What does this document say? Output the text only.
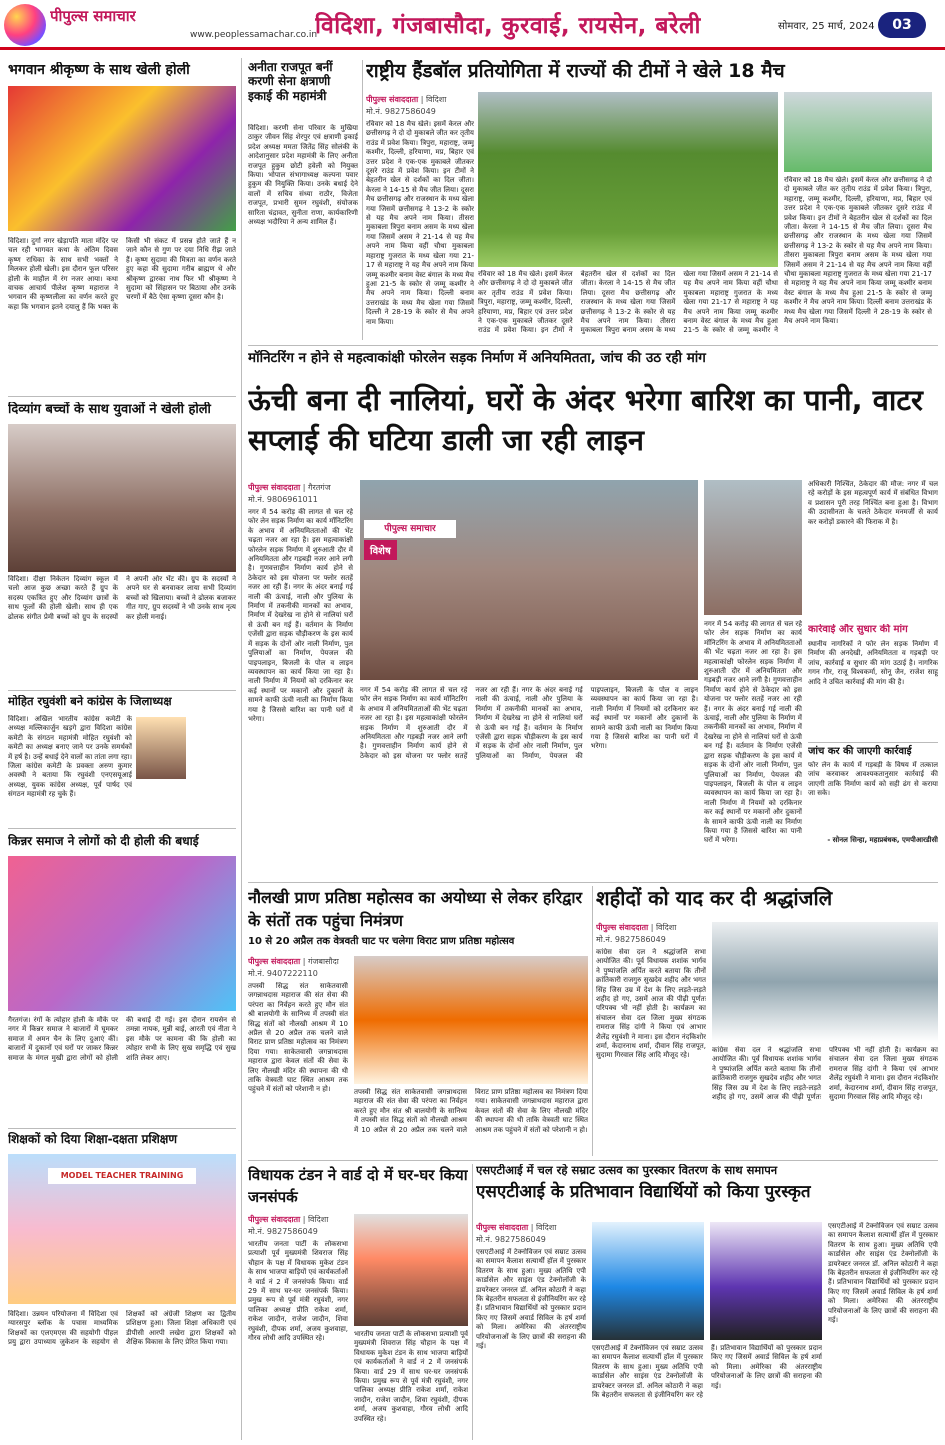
पीपुल्स समाचार
www.peoplessamachar.co.in
विदिशा, गंजबासौदा, कुरवाई, रायसेन, बरेली	सोमवार, 25 मार्च, 2024	03
भगवान श्रीकृष्ण के साथ खेली होली
विदिशा। दुर्गा नगर खेड़ापति माता मंदिर पर चल रही भागवत कथा के अंतिम दिवस कृष्ण राधिका के साथ सभी भक्तों ने मिलकर होली खेली। इस दौरान फूल परिसर होली के माहौल में रंग नजर आया। कथा वाचक आचार्य पीलेश कृष्ण महाराज ने भगवान की कृष्णलीला का वर्णन करते हुए कहा कि भगवान इतने दयालु हैं कि भक्त के किसी भी संकट में प्रसन्न होते जाते हैं न जाने कौन से गुण पर दया निधि रीझ जाते हैं। कृष्ण सुदामा की मित्रता का वर्णन करते हुए कहा की सुदामा गरीब ब्राह्मण थे और श्रीकृष्ण द्वारका नाथ फिर भी श्रीकृष्ण ने सुदामा को सिंहासन पर बिठाया और उनके चरणों में बैठे ऐसा कृष्णा दूसरा कौन है।
दिव्यांग बच्चों के साथ युवाओं ने खेली होली
विदिशा। दीक्षा निकेतन दिव्यांग स्कूल में चलो आज कुछ अच्छा करते हैं ग्रुप के सदस्य एकत्रित हुए और दिव्यांग छात्रों के साथ फूलों की होली खेली। साथ ही एक ढोलक संगीत प्रेमी बच्चों को ग्रुप के सदस्यों ने अपनी ओर भेंट की। ग्रुप के सदस्यों ने अपने घर से बनवाकर लाया सभी दिव्यांग बच्चों को खिलाया। बच्चों ने ढोलक बजाकर गीत गाए, ग्रुप सदस्यों ने भी उनके साथ नृत्य कर होली मनाई।
मोहित रघुवंशी बने कांग्रेस के जिलाध्यक्ष
विदिशा। अखिल भारतीय कांग्रेस कमेटी के अध्यक्ष मल्लिकार्जुन खड़गे द्वारा विदिशा कांग्रेस कमेटी के संगठन महामंत्री मोहित रघुवंशी को कमेटी का अध्यक्ष बनाए जाने पर उनके समर्थकों में हर्ष है। उन्हें बधाई देने वालों का तांता लगा रहा। जिला कांग्रेस कमेटी के प्रवक्ता अरुण कुमार अवस्थी ने बताया कि रघुवंशी एनएसयूआई अध्यक्ष, युवक कांग्रेस अध्यक्ष, पूर्व पार्षद एवं संगठन महामंत्री रह चुके हैं।
किन्नर समाज ने लोगों को दी होली की बधाई
गैरतगंज। रंगों के त्योहार होली के मौके पर नगर में किन्नर समाज ने बाजारों में घूमकर समाज में अमन चैन के लिए दुआएं कीं। बाजारों में दुकानों एवं घरों पर जाकर किन्नर समाज के मंगल मुखी द्वारा लोगों को होली की बधाई दी गई। इस दौरान रायसेन से तमन्ना नायक, मुन्नी बाई, आरती एवं नीता ने इस मौके पर कामना की कि होली का त्योहार सभी के लिए सुख समृद्धि एवं सुख शांति लेकर आए।
शिक्षकों को दिया शिक्षा-दक्षता प्रशिक्षण
MODEL TEACHER TRAINING
विदिशा। उन्नयन परियोजना में विदिशा एवं ग्यारसपुर ब्लॉक के पचास माध्यमिक शिक्षकों का एलएमएस की सहयोगी पीहल प्रयु द्वारा उपाध्याय जुकेशन के सहयोग से शिक्षकों को अंग्रेजी शिक्षण का द्वितीय प्रशिक्षण हुआ। जिला शिक्षा अधिकारी एवं डीपीसी आरपी लखेरा द्वारा शिक्षकों को शैक्षिक विकास के लिए प्रेरित किया गया।
अनीता राजपूत बनीं करणी सेना क्षत्राणी इकाई की महामंत्री
विदिशा। करणी सेना परिवार के मुखिया ठाकुर जीवन सिंह शेरपुर एवं क्षत्राणी इकाई प्रदेश अध्यक्ष ममता जितेंद्र सिंह सोलंकी के आदेशानुसार प्रदेश महामंत्री के लिए अनीता राजपूत हुकुम छोटी हवेली को नियुक्त किया। भोपाल संभागाध्यक्ष कल्पना पवार हुकुम की नियुक्ति किया। उनके बधाई देने वालों में सचिव संध्या राठौर, विजेता राजपूत, प्रभारी सुमन रघुवंशी, संयोजक सारिता चंद्रावत, सुनीता राणा, कार्यकारिणी अध्यक्ष भदौरिया ने अन्य शामिल हैं।
राष्ट्रीय हैंडबॉल प्रतियोगिता में राज्यों की टीमों ने खेले 18 मैच
पीपुल्स संवाददाता | विदिशा
मो.नं. 9827586049
रविवार को 18 मैच खेले। इसमें केरल और छत्तीसगढ़ ने दो दो मुकाबले जीत कर तृतीय राउंड में प्रवेश किया। त्रिपुरा, महाराष्ट्र, जम्मू कश्मीर, दिल्ली, हरियाणा, मप्र, बिहार एवं उत्तर प्रदेश ने एक-एक मुकाबले जीतकर दूसरे राउंड में प्रवेश किया। इन टीमों ने बेहतरीन खेल से दर्शकों का दिल जीता। केरला ने 14-15 से मैच जीत लिया। दूसरा मैच छत्तीसगढ़ और राजस्थान के मध्य खेला गया जिसमें छत्तीसगढ़ ने 13-2 के स्कोर से यह मैच अपने नाम किया। तीसरा मुकाबला त्रिपुरा बनाम असम के मध्य खेला गया जिसमें असम ने 21-14 से यह मैच अपने नाम किया वहीं चौथा मुकाबला महाराष्ट्र गुजरात के मध्य खेला गया 21-17 से महाराष्ट्र ने यह मैच अपने नाम किया जम्मू कश्मीर बनाम वेस्ट बंगाल के मध्य मैच हुआ 21-5 के स्कोर से जम्मू कश्मीर ने मैच अपने नाम किया। दिल्ली बनाम उत्तराखंड के मध्य मैच खेला गया जिसमें दिल्ली ने 28-19 के स्कोर से मैच अपने नाम किया।
रविवार को 18 मैच खेले। इसमें केरल और छत्तीसगढ़ ने दो दो मुकाबले जीत कर तृतीय राउंड में प्रवेश किया। त्रिपुरा, महाराष्ट्र, जम्मू कश्मीर, दिल्ली, हरियाणा, मप्र, बिहार एवं उत्तर प्रदेश ने एक-एक मुकाबले जीतकर दूसरे राउंड में प्रवेश किया। इन टीमों ने बेहतरीन खेल से दर्शकों का दिल जीता। केरला ने 14-15 से मैच जीत लिया। दूसरा मैच छत्तीसगढ़ और राजस्थान के मध्य खेला गया जिसमें छत्तीसगढ़ ने 13-2 के स्कोर से यह मैच अपने नाम किया। तीसरा मुकाबला त्रिपुरा बनाम असम के मध्य खेला गया जिसमें असम ने 21-14 से यह मैच अपने नाम किया वहीं चौथा मुकाबला महाराष्ट्र गुजरात के मध्य खेला गया 21-17 से महाराष्ट्र ने यह मैच अपने नाम किया जम्मू कश्मीर बनाम वेस्ट बंगाल के मध्य मैच हुआ 21-5 के स्कोर से जम्मू कश्मीर ने
रविवार को 18 मैच खेले। इसमें केरल और छत्तीसगढ़ ने दो दो मुकाबले जीत कर तृतीय राउंड में प्रवेश किया। त्रिपुरा, महाराष्ट्र, जम्मू कश्मीर, दिल्ली, हरियाणा, मप्र, बिहार एवं उत्तर प्रदेश ने एक-एक मुकाबले जीतकर दूसरे राउंड में प्रवेश किया। इन टीमों ने बेहतरीन खेल से दर्शकों का दिल जीता। केरला ने 14-15 से मैच जीत लिया। दूसरा मैच छत्तीसगढ़ और राजस्थान के मध्य खेला गया जिसमें छत्तीसगढ़ ने 13-2 के स्कोर से यह मैच अपने नाम किया। तीसरा मुकाबला त्रिपुरा बनाम असम के मध्य खेला गया जिसमें असम ने 21-14 से यह मैच अपने नाम किया वहीं चौथा मुकाबला महाराष्ट्र गुजरात के मध्य खेला गया 21-17 से महाराष्ट्र ने यह मैच अपने नाम किया जम्मू कश्मीर बनाम वेस्ट बंगाल के मध्य मैच हुआ 21-5 के स्कोर से जम्मू कश्मीर ने मैच अपने नाम किया। दिल्ली बनाम उत्तराखंड के मध्य मैच खेला गया जिसमें दिल्ली ने 28-19 के स्कोर से मैच अपने नाम किया।
मॉनिटरिंग न होने से महत्वाकांक्षी फोरलेन सड़क निर्माण में अनियमितता, जांच की उठ रही मांग
ऊंची बना दी नालियां, घरों के अंदर भरेगा बारिश का पानी, वाटर सप्लाई की घटिया डाली जा रही लाइन
पीपुल्स संवाददाता | गैरतगंज
मो.नं. 9806961011
नगर में 54 करोड़ की लागत से चल रहे फोर लेन सड़क निर्माण का कार्य मॉनिटरिंग के अभाव में अनियमितताओं की भेंट चढ़ता नजर आ रहा है। इस महत्वाकांक्षी फोरलेन सड़क निर्माण में शुरुआती दौर में अनियमितता और गड़बड़ी नजर आने लगी है। गुणवत्ताहीन निर्माण कार्य होने से ठेकेदार को इस योजना पर फ्लोर सतहें नजर आ रही हैं। नगर के अंदर बनाई गई नाली की ऊंचाई, नाली और पुलिया के निर्माण में तकनीकी मानकों का अभाव, निर्माण में देखरेख ना होने से नालियां घरों से ऊंची बन गई हैं। वर्तमान के निर्माण एजेंसी द्वारा सड़क चौड़ीकरण के इस कार्य में सड़क के दोनों ओर नाली निर्माण, पुल पुलियाओं का निर्माण, पेयजल की पाइपलाइन, बिजली के पोल व लाइन व्यवस्थापन का कार्य किया जा रहा है। नाली निर्माण में नियमों को दरकिनार कर कई स्थानों पर मकानों और दुकानों के सामने काफी ऊंची नाली का निर्माण किया गया है जिससे बारिश का पानी घरों में भरेगा।
पीपुल्स समाचार
विशेष
नगर में 54 करोड़ की लागत से चल रहे फोर लेन सड़क निर्माण का कार्य मॉनिटरिंग के अभाव में अनियमितताओं की भेंट चढ़ता नजर आ रहा है। इस महत्वाकांक्षी फोरलेन सड़क निर्माण में शुरुआती दौर में अनियमितता और गड़बड़ी नजर आने लगी है। गुणवत्ताहीन निर्माण कार्य होने से ठेकेदार को इस योजना पर फ्लोर सतहें नजर आ रही हैं। नगर के अंदर बनाई गई नाली की ऊंचाई, नाली और पुलिया के निर्माण में तकनीकी मानकों का अभाव, निर्माण में देखरेख ना होने से नालियां घरों से ऊंची बन गई हैं। वर्तमान के निर्माण एजेंसी द्वारा सड़क चौड़ीकरण के इस कार्य में सड़क के दोनों ओर नाली निर्माण, पुल पुलियाओं का निर्माण, पेयजल की पाइपलाइन, बिजली के पोल व लाइन व्यवस्थापन का कार्य किया जा रहा है। नाली निर्माण में नियमों को दरकिनार कर कई स्थानों पर मकानों और दुकानों के सामने काफी ऊंची नाली का निर्माण किया गया है जिससे बारिश का पानी घरों में भरेगा।
नगर में 54 करोड़ की लागत से चल रहे फोर लेन सड़क निर्माण का कार्य मॉनिटरिंग के अभाव में अनियमितताओं की भेंट चढ़ता नजर आ रहा है। इस महत्वाकांक्षी फोरलेन सड़क निर्माण में शुरुआती दौर में अनियमितता और गड़बड़ी नजर आने लगी है। गुणवत्ताहीन निर्माण कार्य होने से ठेकेदार को इस योजना पर फ्लोर सतहें नजर आ रही हैं। नगर के अंदर बनाई गई नाली की ऊंचाई, नाली और पुलिया के निर्माण में तकनीकी मानकों का अभाव, निर्माण में देखरेख ना होने से नालियां घरों से ऊंची बन गई हैं। वर्तमान के निर्माण एजेंसी द्वारा सड़क चौड़ीकरण के इस कार्य में सड़क के दोनों ओर नाली निर्माण, पुल पुलियाओं का निर्माण, पेयजल की पाइपलाइन, बिजली के पोल व लाइन व्यवस्थापन का कार्य किया जा रहा है। नाली निर्माण में नियमों को दरकिनार कर कई स्थानों पर मकानों और दुकानों के सामने काफी ऊंची नाली का निर्माण किया गया है जिससे बारिश का पानी घरों में भरेगा।
अधिकारी निश्चिंत, ठेकेदार की मौज: नगर में चल रहे करोड़ों के इस महत्वपूर्ण कार्य में संबंधित विभाग व प्रशासन पूरी तरह निश्चिंत बना हुआ है। विभाग की उदासीनता के चलते ठेकेदार मनमर्जी से कार्य कर करोड़ों डकारने की फिराक में है।
कार्रवाई और सुधार की मांग
स्थानीय नागरिकों ने फोर लेन सड़क निर्माण में निर्माण की अनदेखी, अनियमितता व गड़बड़ी पर जांच, कार्रवाई व सुधार की मांग उठाई है। नागरिक गगन गौर, राजू विश्वकर्मा, सोनू जैन, राजेश साहू आदि ने उचित कार्रवाई की मांग की है।
जांच कर की जाएगी कार्रवाई
फोर लेन के कार्य में गड़बड़ी के विषय में तत्काल जांच करवाकर आवश्यकतानुसार कार्रवाई की जाएगी ताकि निर्माण कार्य को सही ढंग से कराया जा सके।
- सोनल सिन्हा, महाप्रबंधक, एमपीआरडीसी
नौलखी प्राण प्रतिष्ठा महोत्सव का अयोध्या से लेकर हरिद्वार के संतों तक पहुंचा निमंत्रण
10 से 20 अप्रैल तक वेत्रवती घाट पर चलेगा विराट प्राण प्रतिष्ठा महोत्सव
पीपुल्स संवाददाता | गंजबासौदा
मो.नं. 9407222110
तपस्वी सिद्ध संत साकेतवासी जगन्नाथदास महाराज की संत सेवा की परंपरा का निर्वहन करते हुए मौन संत श्री बालयोगी के सानिध्य में तपस्वी संत सिद्ध संतों को नौलखी आश्रम में 10 अप्रैल से 20 अप्रैल तक चलने वाले विराट प्राण प्रतिष्ठा महोत्सव का निमंत्रण दिया गया। साकेतवासी जगन्नाथदास महाराज द्वारा केवल संतों की सेवा के लिए नौलखी मंदिर की स्थापना की थी ताकि वेत्रवती घाट स्थित आश्रम तक पहुंचने में संतों को परेशानी न हो।	तपस्वी सिद्ध संत साकेतवासी जगन्नाथदास महाराज की संत सेवा की परंपरा का निर्वहन करते हुए मौन संत श्री बालयोगी के सानिध्य में तपस्वी संत सिद्ध संतों को नौलखी आश्रम में 10 अप्रैल से 20 अप्रैल तक चलने वाले विराट प्राण प्रतिष्ठा महोत्सव का निमंत्रण दिया गया। साकेतवासी जगन्नाथदास महाराज द्वारा केवल संतों की सेवा के लिए नौलखी मंदिर की स्थापना की थी ताकि वेत्रवती घाट स्थित आश्रम तक पहुंचने में संतों को परेशानी न हो।
शहीदों को याद कर दी श्रद्धांजलि
पीपुल्स संवाददाता | विदिशा
मो.नं. 9827586049
कांग्रेस सेवा दल ने श्रद्धांजलि सभा आयोजित की। पूर्व विधायक शशांक भार्गव ने पुष्पांजलि अर्पित करते बताया कि तीनों क्रांतिकारी राजगुरु सुखदेव शहीद और भगत सिंह जिस उम्र में देश के लिए लड़ते-लड़ते शहीद हो गए, उसमें आज की पीढ़ी पूर्णतः परिपक्व भी नहीं होती है। कार्यक्रम का संचालन सेवा दल जिला मुख्य संगठक रामराज सिंह दांगी ने किया एवं आभार शैलेंद्र रघुवंशी ने माना। इस दौरान नंदकिशोर शर्मा, केदारनाथ शर्मा, दीवान सिंह राजपूत, सुदामा गिरवाल सिंह आदि मौजूद रहे।
कांग्रेस सेवा दल ने श्रद्धांजलि सभा आयोजित की। पूर्व विधायक शशांक भार्गव ने पुष्पांजलि अर्पित करते बताया कि तीनों क्रांतिकारी राजगुरु सुखदेव शहीद और भगत सिंह जिस उम्र में देश के लिए लड़ते-लड़ते शहीद हो गए, उसमें आज की पीढ़ी पूर्णतः परिपक्व भी नहीं होती है। कार्यक्रम का संचालन सेवा दल जिला मुख्य संगठक रामराज सिंह दांगी ने किया एवं आभार शैलेंद्र रघुवंशी ने माना। इस दौरान नंदकिशोर शर्मा, केदारनाथ शर्मा, दीवान सिंह राजपूत, सुदामा गिरवाल सिंह आदि मौजूद रहे।
विधायक टंडन ने वार्ड दो में घर-घर किया जनसंपर्क
पीपुल्स संवाददाता | विदिशा
मो.नं. 9827586049
भारतीय जनता पार्टी के लोकसभा प्रत्याशी पूर्व मुख्यमंत्री शिवराज सिंह चौहान के पक्ष में विधायक मुकेश टंडन के साथ भाजपा बाड़ियों एवं कार्यकर्ताओं ने वार्ड नं 2 में जनसंपर्क किया। वार्ड 29 में साथ घर-घर जनसंपर्क किया। प्रमुख रूप से पूर्व मंत्री रघुवंशी, नगर पालिका अध्यक्ष प्रीति राकेश शर्मा, राकेश जादौन, राजेश जादौन, शिवा रघुवंशी, दीपक शर्मा, अजय कुशवाहा, गौरव लोधी आदि उपस्थित रहे।
भारतीय जनता पार्टी के लोकसभा प्रत्याशी पूर्व मुख्यमंत्री शिवराज सिंह चौहान के पक्ष में विधायक मुकेश टंडन के साथ भाजपा बाड़ियों एवं कार्यकर्ताओं ने वार्ड नं 2 में जनसंपर्क किया। वार्ड 29 में साथ घर-घर जनसंपर्क किया। प्रमुख रूप से पूर्व मंत्री रघुवंशी, नगर पालिका अध्यक्ष प्रीति राकेश शर्मा, राकेश जादौन, राजेश जादौन, शिवा रघुवंशी, दीपक शर्मा, अजय कुशवाहा, गौरव लोधी आदि उपस्थित रहे।
एसएटीआई में चल रहे सम्राट उत्सव का पुरस्कार वितरण के साथ समापन
एसएटीआई के प्रतिभावान विद्यार्थियों को किया पुरस्कृत
पीपुल्स संवाददाता | विदिशा
मो.नं. 9827586049
एसएटीआई में टेक्नोविजन एवं सम्राट उत्सव का समापन कैलाश सत्यार्थी हॉल में पुरस्कार वितरण के साथ हुआ। मुख्य अतिथि एपी कार्डासेल और साइंस एंड टेक्नोलॉजी के डायरेक्टर जनरल डॉ. अनिल कोठारी ने कहा कि बेहतरीन सफलता से इंजीनियरिंग कर रहे हैं। प्रतिभावान विद्यार्थियों को पुरस्कार प्रदान किए गए जिसमें अवार्ड सिविल के हर्ष शर्मा को मिला। अमेरिका की अंतरराष्ट्रीय परियोजनाओं के लिए छात्रों की सराहना की गई।	एसएटीआई में टेक्नोविजन एवं सम्राट उत्सव का समापन कैलाश सत्यार्थी हॉल में पुरस्कार वितरण के साथ हुआ। मुख्य अतिथि एपी कार्डासेल और साइंस एंड टेक्नोलॉजी के डायरेक्टर जनरल डॉ. अनिल कोठारी ने कहा कि बेहतरीन सफलता से इंजीनियरिंग कर रहे हैं। प्रतिभावान विद्यार्थियों को पुरस्कार प्रदान किए गए जिसमें अवार्ड सिविल के हर्ष शर्मा को मिला। अमेरिका की अंतरराष्ट्रीय परियोजनाओं के लिए छात्रों की सराहना की गई।
एसएटीआई में टेक्नोविजन एवं सम्राट उत्सव का समापन कैलाश सत्यार्थी हॉल में पुरस्कार वितरण के साथ हुआ। मुख्य अतिथि एपी कार्डासेल और साइंस एंड टेक्नोलॉजी के डायरेक्टर जनरल डॉ. अनिल कोठारी ने कहा कि बेहतरीन सफलता से इंजीनियरिंग कर रहे हैं। प्रतिभावान विद्यार्थियों को पुरस्कार प्रदान किए गए जिसमें अवार्ड सिविल के हर्ष शर्मा को मिला। अमेरिका की अंतरराष्ट्रीय परियोजनाओं के लिए छात्रों की सराहना की गई।
